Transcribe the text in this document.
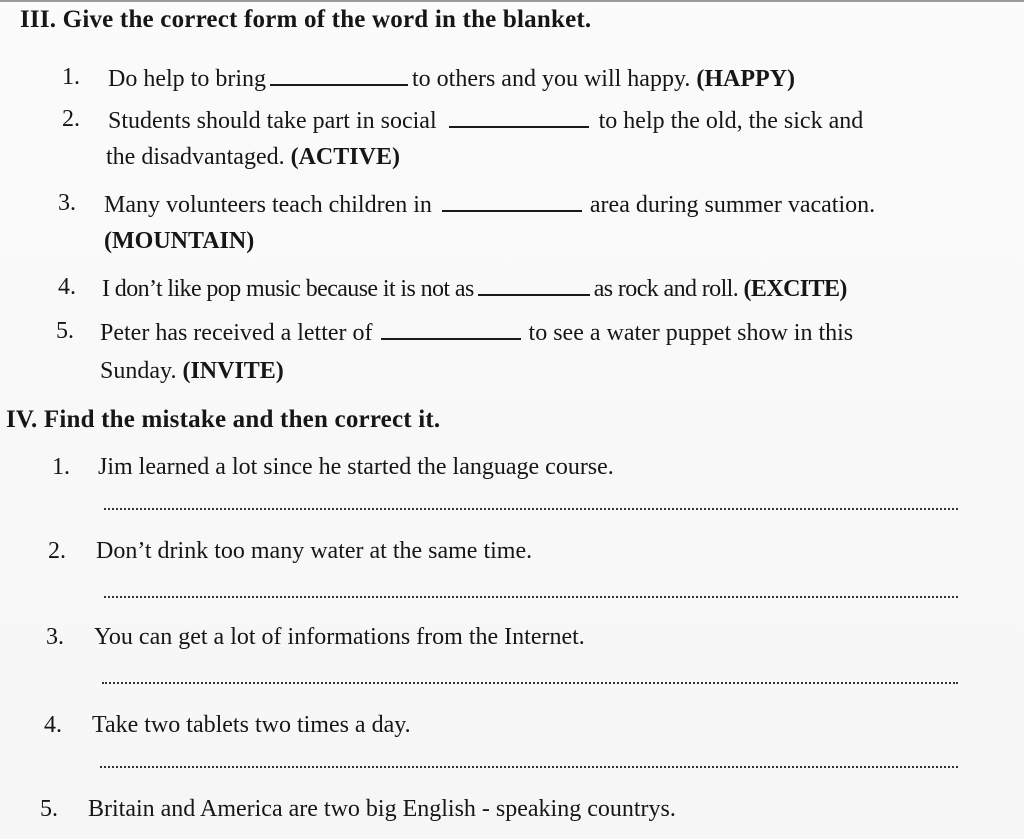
III. Give the correct form of the word in the blanket.
1. Do help to bring	to others and you will happy. (HAPPY)
2. Students should take part in social	to help the old, the sick and
the disadvantaged. (ACTIVE)
3. Many volunteers teach children in	area during summer vacation.
(MOUNTAIN)
4. I don’t like pop music because it is not as	as rock and roll. (EXCITE)
5. Peter has received a letter of	to see a water puppet show in this
Sunday. (INVITE)
IV. Find the mistake and then correct it.
1. Jim learned a lot since he started the language course.
2. Don’t drink too many water at the same time.
3. You can get a lot of informations from the Internet.
4. Take two tablets two times a day.
5. Britain and America are two big English - speaking countrys.
